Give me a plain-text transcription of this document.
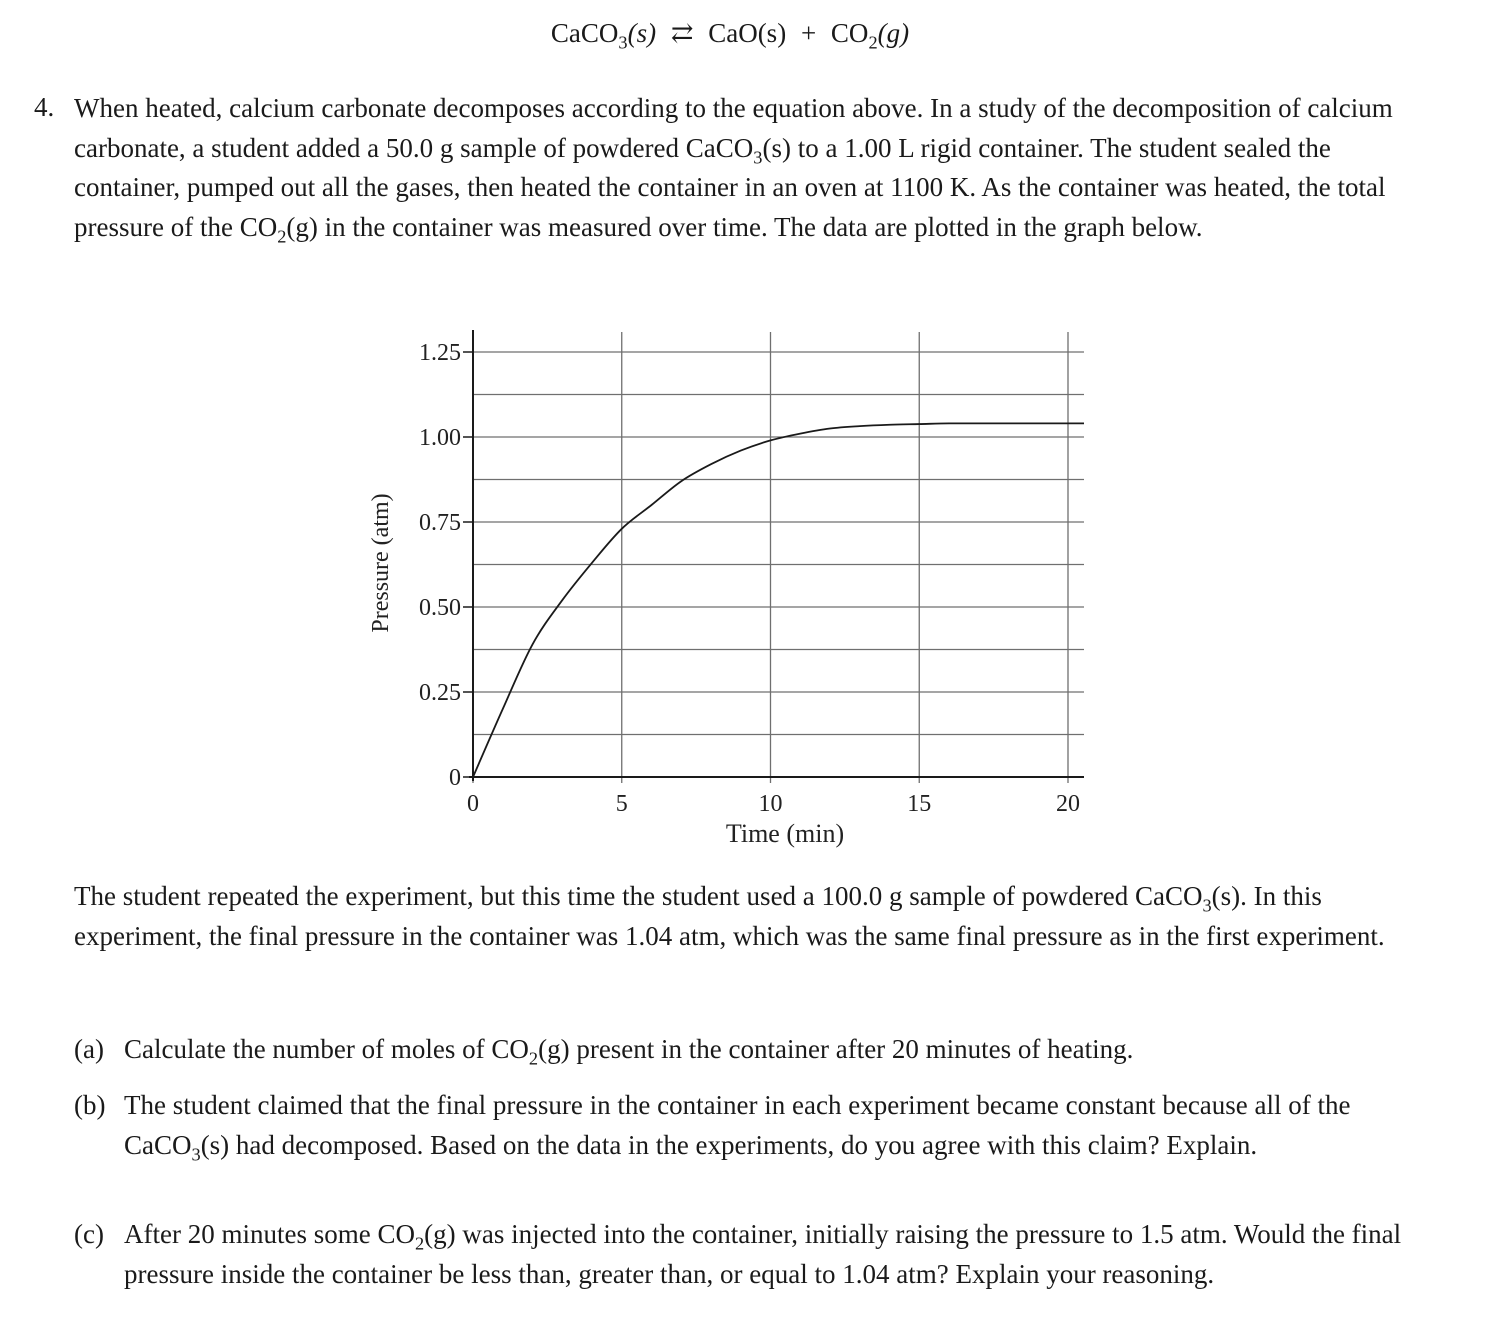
CaCO$_3$(s) ⇄ $CaO(s) + CO_2(g)$
4. When heated, calcium carbonate decomposes according to the equation above. In a study of the decomposition of calcium carbonate, a student added a 50.0 g sample of powdered CaCO$_3$(s) to a 1.00 L rigid container. The student sealed the container, pumped out all the gases, then heated the container in an oven at 1100 K. As the container was heated, the total pressure of the $CO_2(g)$ in the container was measured over time. The data are plotted in the graph below.
0
0.25
0.50
0.75
1.00
1.25
0	5	10	15	20
Time (min)
Pressure (atm)
The student repeated the experiment, but this time the student used a 100.0 g sample of powdered CaCO$_3$(s). In this experiment, the final pressure in the container was 1.04 atm, which was the same final pressure as in the first experiment.
(a) Calculate the number of moles of $CO_2(g)$ present in the container after 20 minutes of heating.
(b) The student claimed that the final pressure in the container in each experiment became constant because all of the CaCO$_3$(s) had decomposed. Based on the data in the experiments, do you agree with this claim? Explain.
(c) After 20 minutes some $CO_2(g)$ was injected into the container, initially raising the pressure to 1.5 atm. Would the final pressure inside the container be less than, greater than, or equal to 1.04 atm? Explain your reasoning.
